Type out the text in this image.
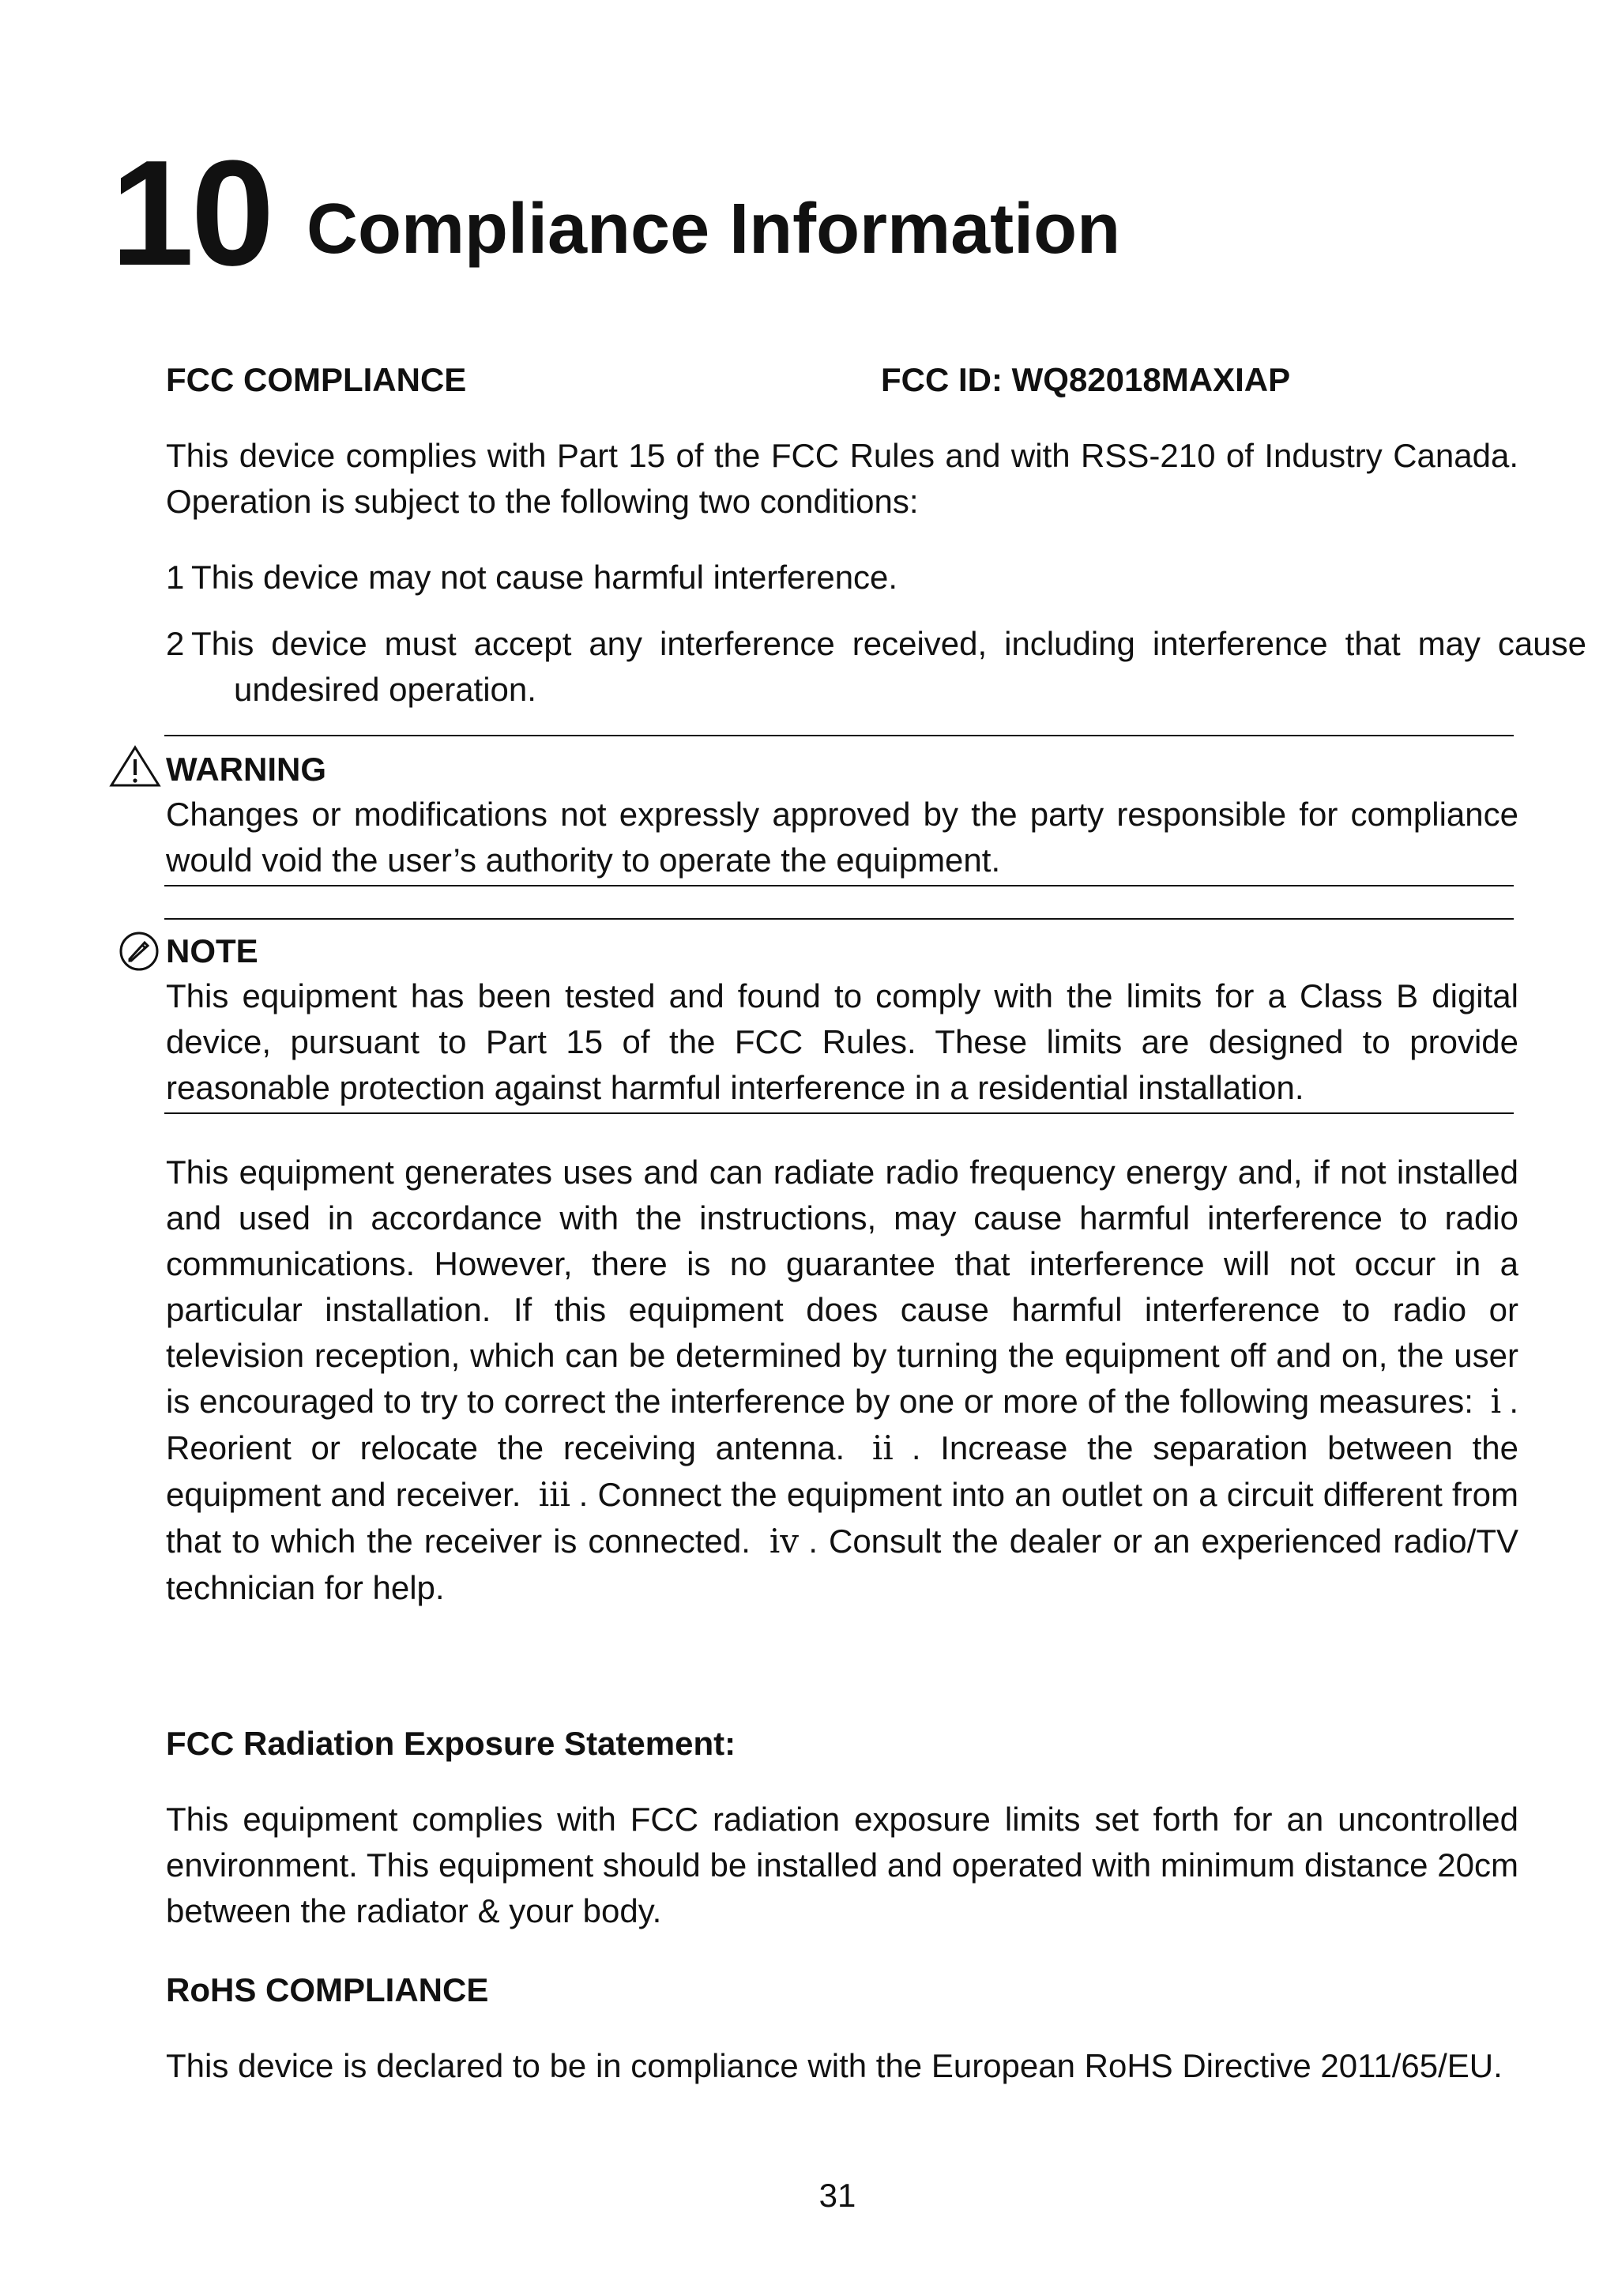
10 Compliance Information
FCC COMPLIANCE	FCC ID: WQ82018MAXIAP
This device complies with Part 15 of the FCC Rules and with RSS-210 of Industry Canada. Operation is subject to the following two conditions:
1 This device may not cause harmful interference.
2 This device must accept any interference received, including interference that may cause undesired operation.
WARNING
Changes or modifications not expressly approved by the party responsible for compliance would void the user’s authority to operate the equipment.
NOTE
This equipment has been tested and found to comply with the limits for a Class B digital device, pursuant to Part 15 of the FCC Rules. These limits are designed to provide reasonable protection against harmful interference in a residential installation.
This equipment generates uses and can radiate radio frequency energy and, if not installed and used in accordance with the instructions, may cause harmful interference to radio communications. However, there is no guarantee that interference will not occur in a particular installation. If this equipment does cause harmful interference to radio or television reception, which can be determined by turning the equipment off and on, the user is encouraged to try to correct the interference by one or more of the following measures: ⅰ . Reorient or relocate the receiving antenna. ⅱ . Increase the separation between the equipment and receiver. ⅲ . Connect the equipment into an outlet on a circuit different from that to which the receiver is connected. ⅳ . Consult the dealer or an experienced radio/TV technician for help.
FCC Radiation Exposure Statement:
This equipment complies with FCC radiation exposure limits set forth for an uncontrolled environment. This equipment should be installed and operated with minimum distance 20cm between the radiator & your body.
RoHS COMPLIANCE
This device is declared to be in compliance with the European RoHS Directive 2011/65/EU.
31
